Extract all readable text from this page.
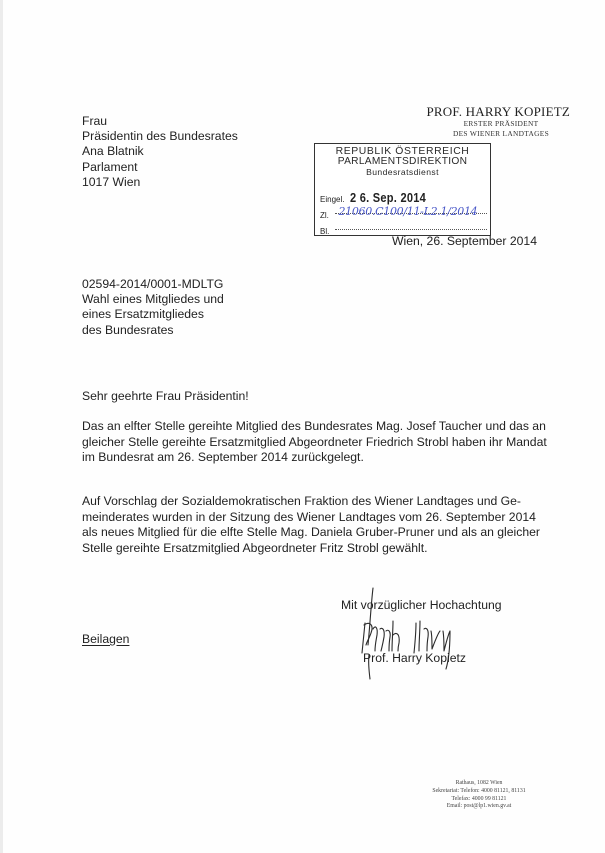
Frau
Präsidentin des Bundesrates
Ana Blatnik
Parlament
1017 Wien
PROF. HARRY KOPIETZ
ERSTER PRÄSIDENT
DES WIENER LANDTAGES
REPUBLIK ÖSTERREICH
PARLAMENTSDIREKTION
Bundesratsdienst
Eingel. 2 6. Sep. 2014
Zl. 21060.C100/11-L2.1/2014
Bl.
Wien, 26. September 2014
02594-2014/0001-MDLTG
Wahl eines Mitgliedes und
eines Ersatzmitgliedes
des Bundesrates
Sehr geehrte Frau Präsidentin!
Das an elfter Stelle gereihte Mitglied des Bundesrates Mag. Josef Taucher und das an
gleicher Stelle gereihte Ersatzmitglied Abgeordneter Friedrich Strobl haben ihr Mandat
im Bundesrat am 26. September 2014 zurückgelegt.
Auf Vorschlag der Sozialdemokratischen Fraktion des Wiener Landtages und Ge-
meinderates wurden in der Sitzung des Wiener Landtages vom 26. September 2014
als neues Mitglied für die elfte Stelle Mag. Daniela Gruber-Pruner und als an gleicher
Stelle gereihte Ersatzmitglied Abgeordneter Fritz Strobl gewählt.
Mit vorzüglicher Hochachtung
Prof. Harry Kopietz
Beilagen
Rathaus, 1082 Wien
Sekretariat: Telefon: 4000 81121, 81131
Telefax: 4000 99 81121
Email: post@lp1.wien.gv.at
